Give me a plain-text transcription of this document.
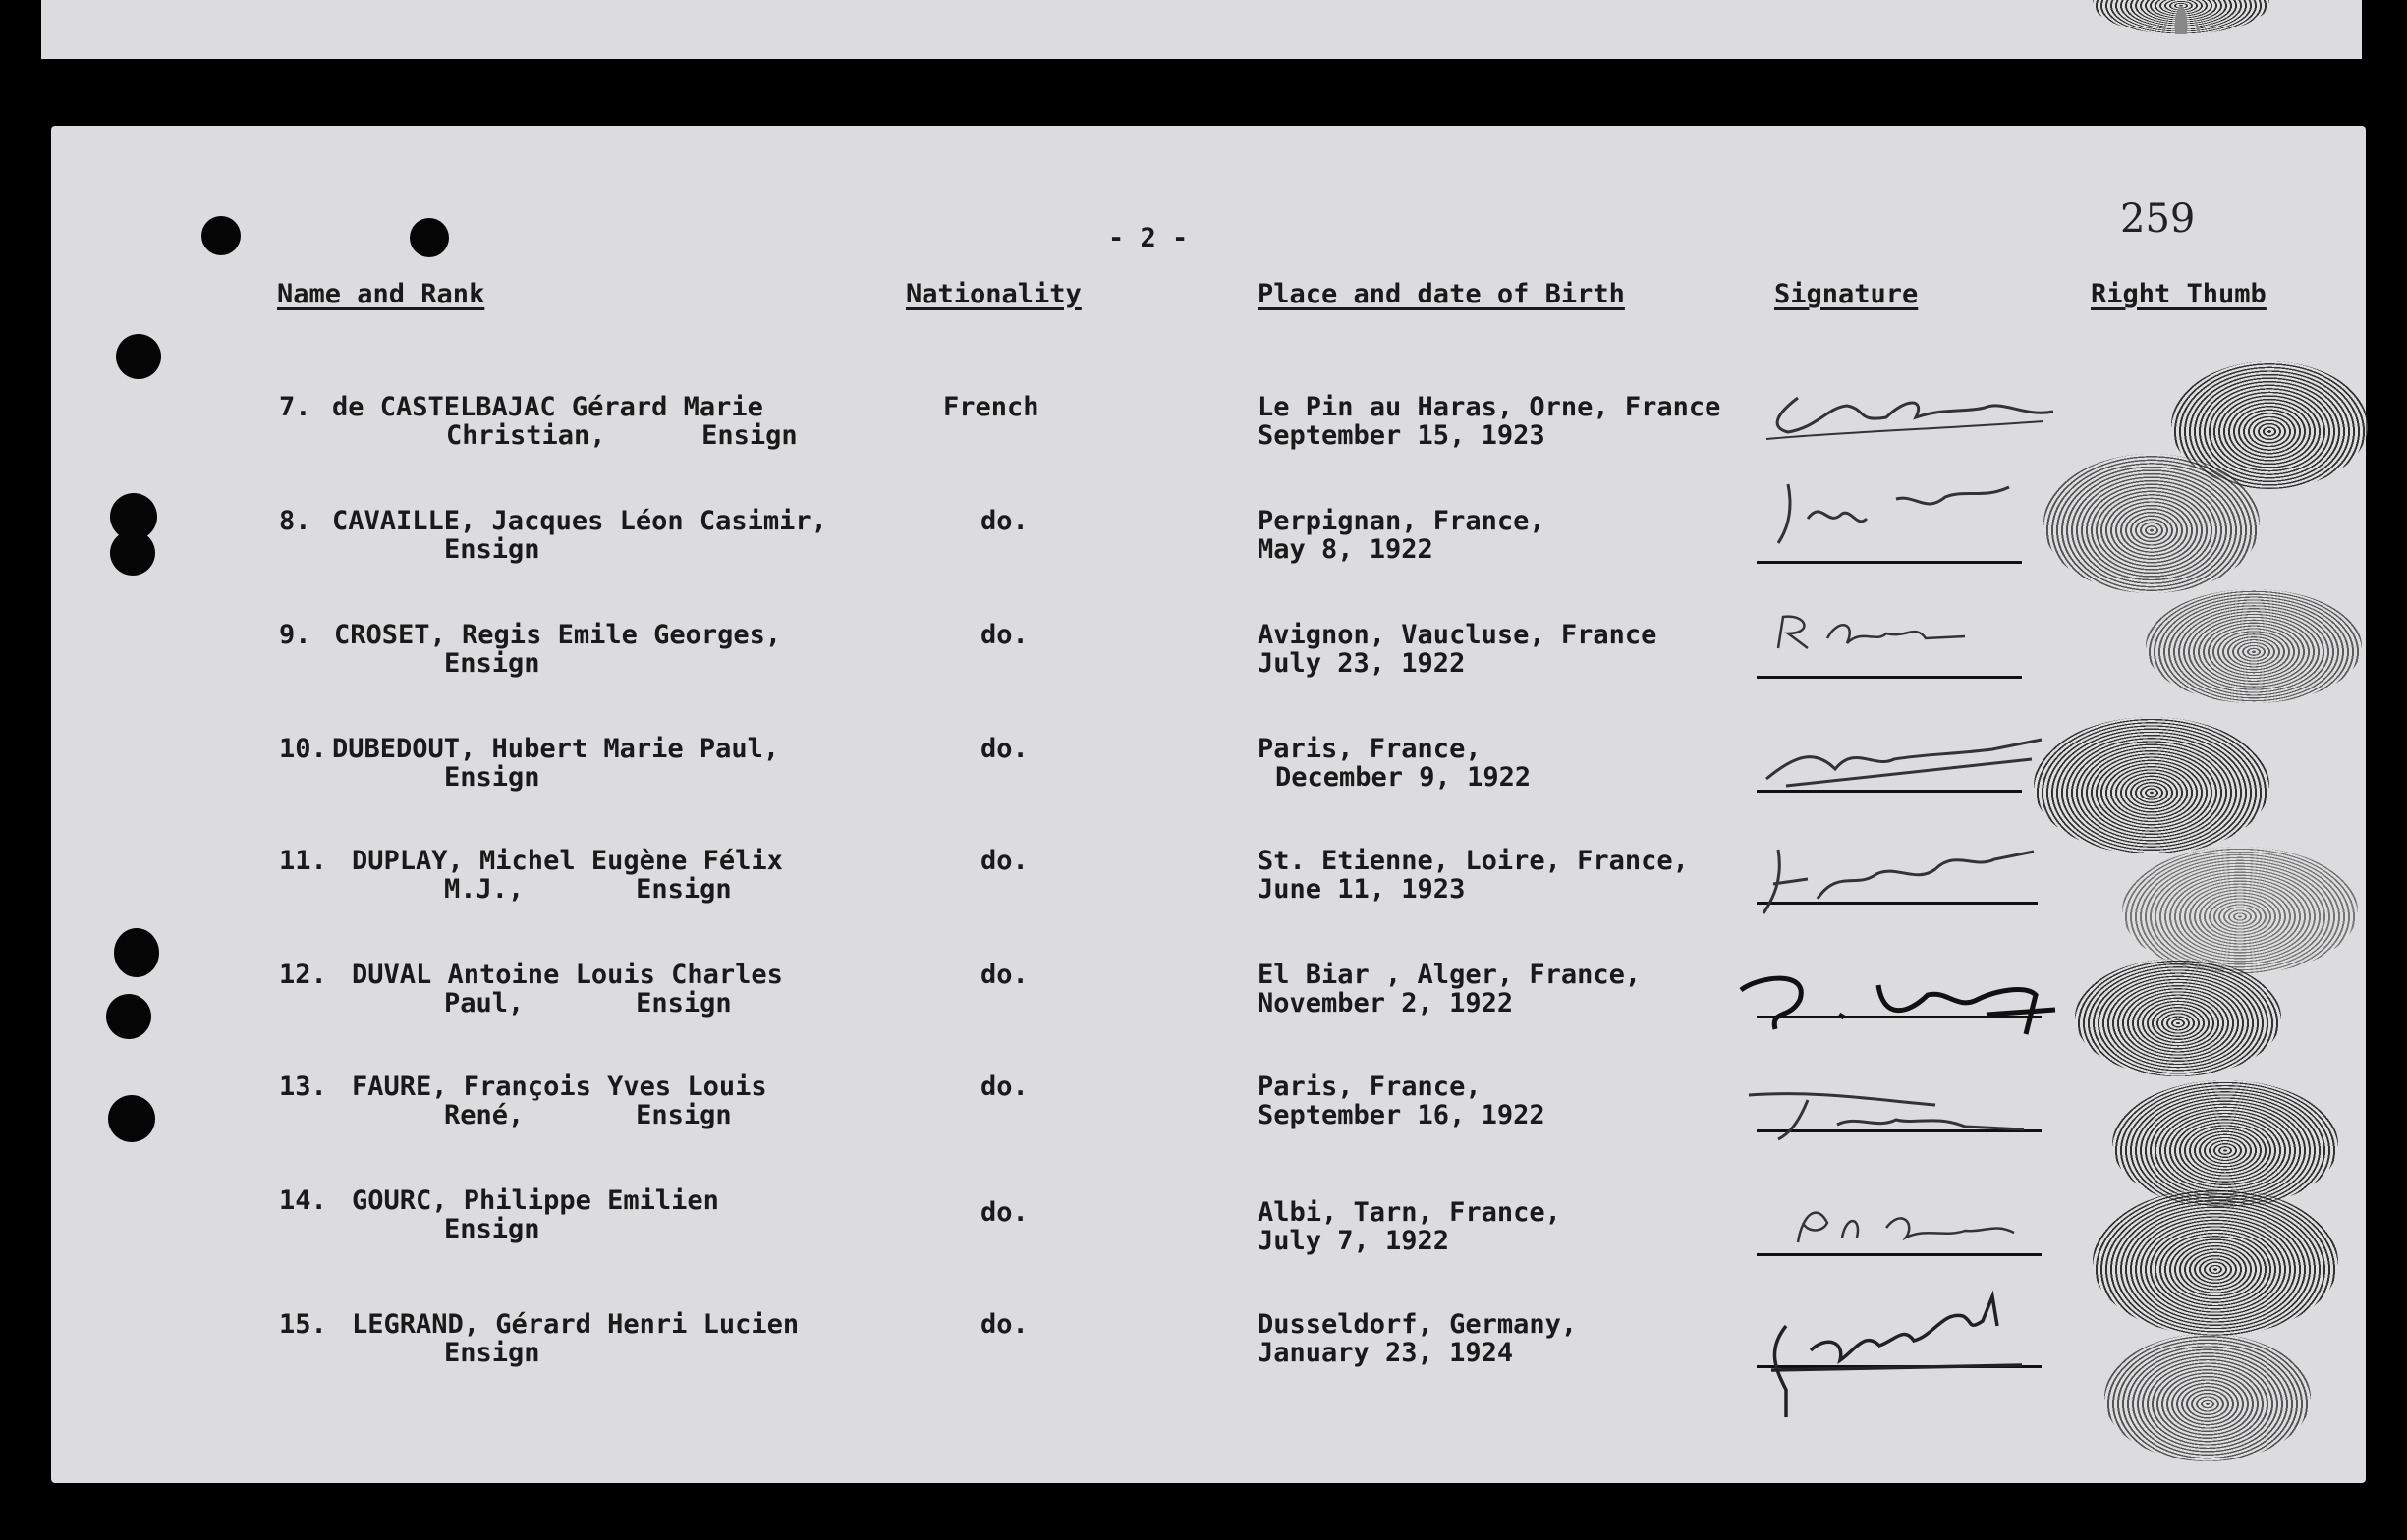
- 2 -	259
Name and Rank	Nationality	Place and date of Birth	Signature	Right Thumb
7. de CASTELBAJAC Gérard Marie
Christian,      Ensign
French	Le Pin au Haras, Orne, France
September 15, 1923
8. CAVAILLE, Jacques Léon Casimir,
Ensign
do.	Perpignan, France,
May 8, 1922
9. CROSET, Regis Emile Georges,
Ensign
do.	Avignon, Vaucluse, France
July 23, 1922
10. DUBEDOUT, Hubert Marie Paul,
Ensign
do.	Paris, France,
December 9, 1922
11. DUPLAY, Michel Eugène Félix
M.J.,       Ensign
do.	St. Etienne, Loire, France,
June 11, 1923
12. DUVAL Antoine Louis Charles
Paul,       Ensign
do.	El Biar , Alger, France,
November 2, 1922
13. FAURE, François Yves Louis
René,       Ensign
do.	Paris, France,
September 16, 1922
14. GOURC, Philippe Emilien
Ensign
do.	Albi, Tarn, France,
July 7, 1922
15. LEGRAND, Gérard Henri Lucien
Ensign
do.	Dusseldorf, Germany,
January 23, 1924
